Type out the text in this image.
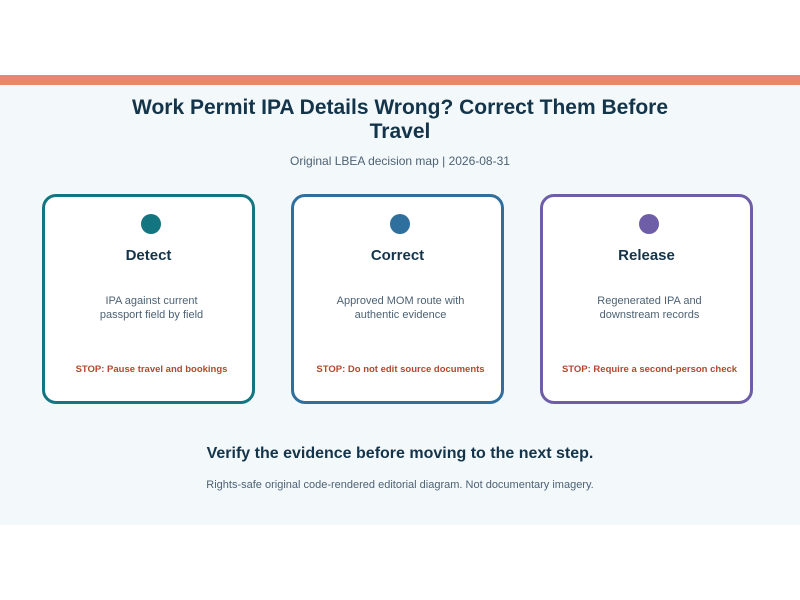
Work Permit IPA Details Wrong? Correct Them Before Travel
Original LBEA decision map | 2026-08-31
Detect
IPA against current passport field by field
STOP: Pause travel and bookings
Correct
Approved MOM route with authentic evidence
STOP: Do not edit source documents
Release
Regenerated IPA and downstream records
STOP: Require a second-person check
Verify the evidence before moving to the next step.
Rights-safe original code-rendered editorial diagram. Not documentary imagery.
